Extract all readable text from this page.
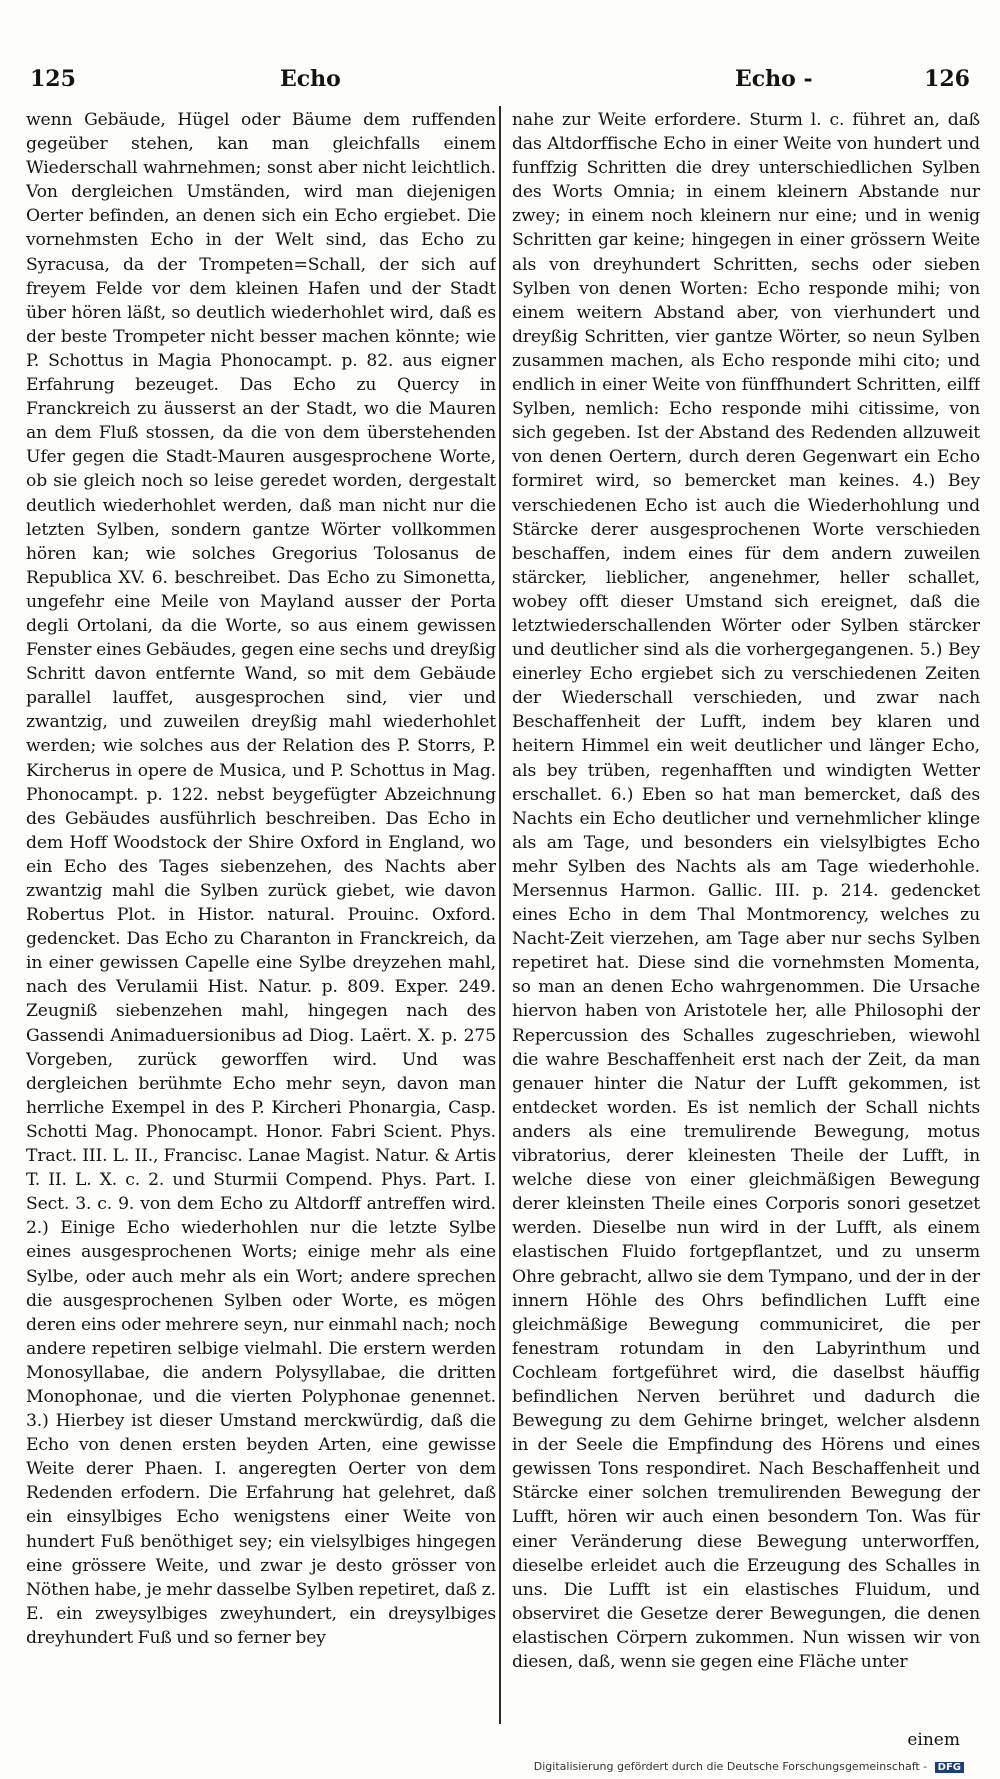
125	Echo	Echo -	126

wenn Gebäude, Hügel oder Bäume dem ruffenden gegeüber stehen, kan man gleichfalls einem Wiederschall wahrnehmen; sonst aber nicht leichtlich. Von dergleichen Umständen, wird man diejenigen Oerter befinden, an denen sich ein Echo ergiebet. Die vornehmsten Echo in der Welt sind, das Echo zu Syracusa, da der Trompeten=Schall, der sich auf freyem Felde vor dem kleinen Hafen und der Stadt über hören läßt, so deutlich wiederhohlet wird, daß es der beste Trompeter nicht besser machen könnte; wie P. Schottus in Magia Phonocampt. p. 82. aus eigner Erfahrung bezeuget. Das Echo zu Quercy in Franckreich zu äusserst an der Stadt, wo die Mauren an dem Fluß stossen, da die von dem überstehenden Ufer gegen die Stadt-Mauren ausgesprochene Worte, ob sie gleich noch so leise geredet worden, dergestalt deutlich wiederhohlet werden, daß man nicht nur die letzten Sylben, sondern gantze Wörter vollkommen hören kan; wie solches Gregorius Tolosanus de Republica XV. 6. beschreibet. Das Echo zu Simonetta, ungefehr eine Meile von Mayland ausser der Porta degli Ortolani, da die Worte, so aus einem gewissen Fenster eines Gebäudes, gegen eine sechs und dreyßig Schritt davon entfernte Wand, so mit dem Gebäude parallel lauffet, ausgesprochen sind, vier und zwantzig, und zuweilen dreyßig mahl wiederhohlet werden; wie solches aus der Relation des P. Storrs, P. Kircherus in opere de Musica, und P. Schottus in Mag. Phonocampt. p. 122. nebst beygefügter Abzeichnung des Gebäudes ausführlich beschreiben. Das Echo in dem Hoff Woodstock der Shire Oxford in England, wo ein Echo des Tages siebenzehen, des Nachts aber zwantzig mahl die Sylben zurück giebet, wie davon Robertus Plot. in Histor. natural. Prouinc. Oxford. gedencket. Das Echo zu Charanton in Franckreich, da in einer gewissen Capelle eine Sylbe dreyzehen mahl, nach des Verulamii Hist. Natur. p. 809. Exper. 249. Zeugniß siebenzehen mahl, hingegen nach des Gassendi Animaduersionibus ad Diog. Laërt. X. p. 275 Vorgeben, zurück geworffen wird. Und was dergleichen berühmte Echo mehr seyn, davon man herrliche Exempel in des P. Kircheri Phonargia, Casp. Schotti Mag. Phonocampt. Honor. Fabri Scient. Phys. Tract. III. L. II., Francisc. Lanae Magist. Natur. & Artis T. II. L. X. c. 2. und Sturmii Compend. Phys. Part. I. Sect. 3. c. 9. von dem Echo zu Altdorff antreffen wird. 2.) Einige Echo wiederhohlen nur die letzte Sylbe eines ausgesprochenen Worts; einige mehr als eine Sylbe, oder auch mehr als ein Wort; andere sprechen die ausgesprochenen Sylben oder Worte, es mögen deren eins oder mehrere seyn, nur einmahl nach; noch andere repetiren selbige vielmahl. Die erstern werden Monosyllabae, die andern Polysyllabae, die dritten Monophonae, und die vierten Polyphonae genennet. 3.) Hierbey ist dieser Umstand merckwürdig, daß die Echo von denen ersten beyden Arten, eine gewisse Weite derer Phaen. I. angeregten Oerter von dem Redenden erfodern. Die Erfahrung hat gelehret, daß ein einsylbiges Echo wenigstens einer Weite von hundert Fuß benöthiget sey; ein vielsylbiges hingegen eine grössere Weite, und zwar je desto grösser von Nöthen habe, je mehr dasselbe Sylben repetiret, daß z. E. ein zweysylbiges zweyhundert, ein dreysylbiges dreyhundert Fuß und so ferner bey

nahe zur Weite erfordere. Sturm l. c. führet an, daß das Altdorffische Echo in einer Weite von hundert und funffzig Schritten die drey unterschiedlichen Sylben des Worts Omnia; in einem kleinern Abstande nur zwey; in einem noch kleinern nur eine; und in wenig Schritten gar keine; hingegen in einer grössern Weite als von dreyhundert Schritten, sechs oder sieben Sylben von denen Worten: Echo responde mihi; von einem weitern Abstand aber, von vierhundert und dreyßig Schritten, vier gantze Wörter, so neun Sylben zusammen machen, als Echo responde mihi cito; und endlich in einer Weite von fünffhundert Schritten, eilff Sylben, nemlich: Echo responde mihi citissime, von sich gegeben. Ist der Abstand des Redenden allzuweit von denen Oertern, durch deren Gegenwart ein Echo formiret wird, so bemercket man keines. 4.) Bey verschiedenen Echo ist auch die Wiederhohlung und Stärcke derer ausgesprochenen Worte verschieden beschaffen, indem eines für dem andern zuweilen stärcker, lieblicher, angenehmer, heller schallet, wobey offt dieser Umstand sich ereignet, daß die letztwiederschallenden Wörter oder Sylben stärcker und deutlicher sind als die vorhergegangenen. 5.) Bey einerley Echo ergiebet sich zu verschiedenen Zeiten der Wiederschall verschieden, und zwar nach Beschaffenheit der Lufft, indem bey klaren und heitern Himmel ein weit deutlicher und länger Echo, als bey trüben, regenhafften und windigten Wetter erschallet. 6.) Eben so hat man bemercket, daß des Nachts ein Echo deutlicher und vernehmlicher klinge als am Tage, und besonders ein vielsylbigtes Echo mehr Sylben des Nachts als am Tage wiederhohle. Mersennus Harmon. Gallic. III. p. 214. gedencket eines Echo in dem Thal Montmorency, welches zu Nacht-Zeit vierzehen, am Tage aber nur sechs Sylben repetiret hat. Diese sind die vornehmsten Momenta, so man an denen Echo wahrgenommen. Die Ursache hiervon haben von Aristotele her, alle Philosophi der Repercussion des Schalles zugeschrieben, wiewohl die wahre Beschaffenheit erst nach der Zeit, da man genauer hinter die Natur der Lufft gekommen, ist entdecket worden. Es ist nemlich der Schall nichts anders als eine tremulirende Bewegung, motus vibratorius, derer kleinesten Theile der Lufft, in welche diese von einer gleichmäßigen Bewegung derer kleinsten Theile eines Corporis sonori gesetzet werden. Dieselbe nun wird in der Lufft, als einem elastischen Fluido fortgepflantzet, und zu unserm Ohre gebracht, allwo sie dem Tympano, und der in der innern Höhle des Ohrs befindlichen Lufft eine gleichmäßige Bewegung communiciret, die per fenestram rotundam in den Labyrinthum und Cochleam fortgeführet wird, die daselbst häuffig befindlichen Nerven berühret und dadurch die Bewegung zu dem Gehirne bringet, welcher alsdenn in der Seele die Empfindung des Hörens und eines gewissen Tons respondiret. Nach Beschaffenheit und Stärcke einer solchen tremulirenden Bewegung der Lufft, hören wir auch einen besondern Ton. Was für einer Veränderung diese Bewegung unterworffen, dieselbe erleidet auch die Erzeugung des Schalles in uns. Die Lufft ist ein elastisches Fluidum, und observiret die Gesetze derer Bewegungen, die denen elastischen Cörpern zukommen. Nun wissen wir von diesen, daß, wenn sie gegen eine Fläche unter

einem
Digitalisierung gefördert durch die Deutsche Forschungsgemeinschaft - DFG
